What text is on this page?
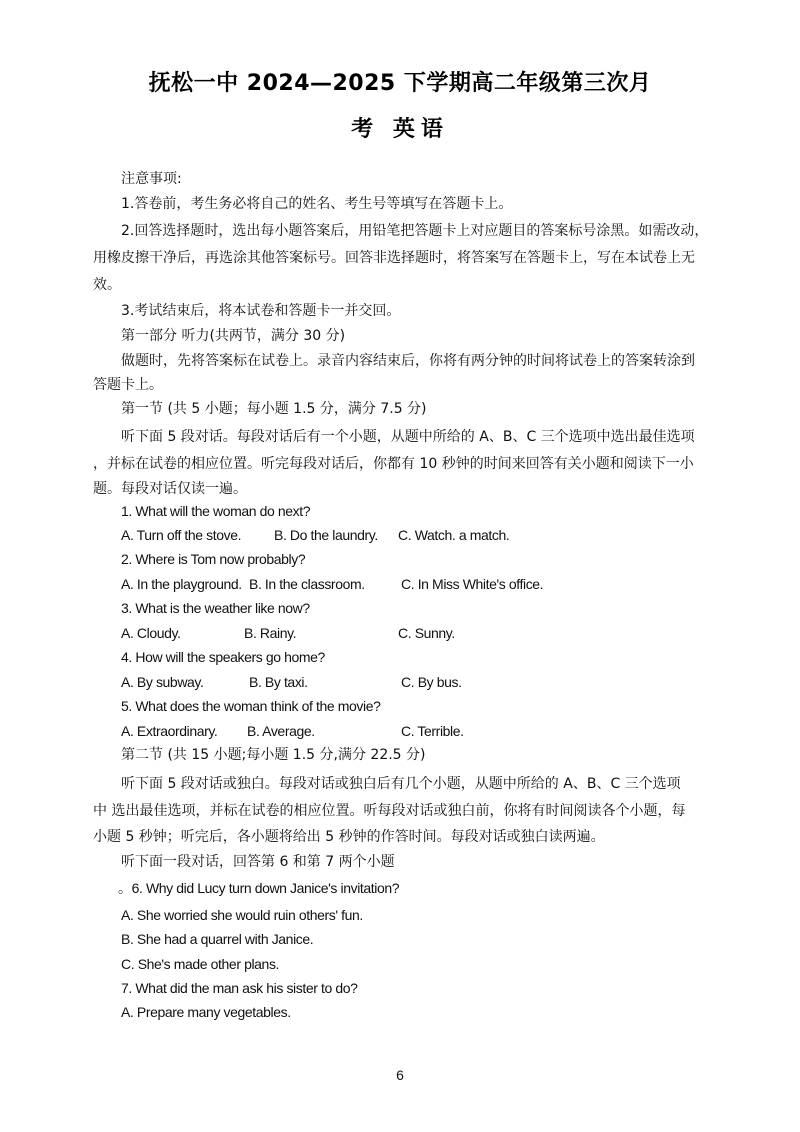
抚松一中 2024—2025 下学期高二年级第三次月
考 英语
注意事项:
1.答卷前，考生务必将自己的姓名、考生号等填写在答题卡上。
2.回答选择题时，选出每小题答案后，用铅笔把答题卡上对应题目的答案标号涂黑。如需改动，
用橡皮擦干净后，再选涂其他答案标号。回答非选择题时，将答案写在答题卡上，写在本试卷上无
效。
3.考试结束后，将本试卷和答题卡一并交回。
第一部分 听力(共两节，满分 30 分)
做题时，先将答案标在试卷上。录音内容结束后，你将有两分钟的时间将试卷上的答案转涂到
答题卡上。
第一节 (共 5 小题；每小题 1.5 分，满分 7.5 分)
听下面 5 段对话。每段对话后有一个小题，从题中所给的 A、B、C 三个选项中选出最佳选项
，并标在试卷的相应位置。听完每段对话后，你都有 10 秒钟的时间来回答有关小题和阅读下一小
题。每段对话仅读一遍。
1. What will the woman do next?
A. Turn off the stove. B. Do the laundry. C. Watch. a match.
2. Where is Tom now probably?
A. In the playground. B. In the classroom.	C. In Miss White's office.
3. What is the weather like now?
A. Cloudy.	B. Rainy.	C. Sunny.
4. How will the speakers go home?
A. By subway.	B. By taxi.	C. By bus.
5. What does the woman think of the movie?
A. Extraordinary. B. Average.	C. Terrible.
第二节 (共 15 小题;每小题 1.5 分,满分 22.5 分)
听下面 5 段对话或独白。每段对话或独白后有几个小题，从题中所给的 A、B、C 三个选项
中 选出最佳选项，并标在试卷的相应位置。听每段对话或独白前，你将有时间阅读各个小题，每
小题 5 秒钟；听完后，各小题将给出 5 秒钟的作答时间。每段对话或独白读两遍。
听下面一段对话，回答第 6 和第 7 两个小题
。6. Why did Lucy turn down Janice's invitation?
A. She worried she would ruin others' fun.
B. She had a quarrel with Janice.
C. She's made other plans.
7. What did the man ask his sister to do?
A. Prepare many vegetables.
6
